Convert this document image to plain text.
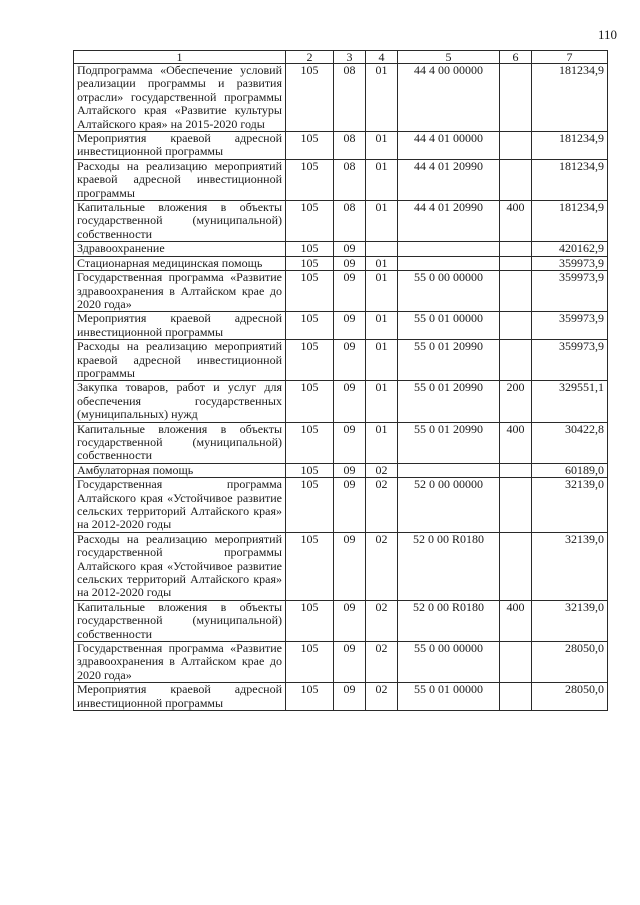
110
1	2	3	4	5	6	7
Подпрограмма «Обеспечение условий реализации программы и развития отрасли» государственной программы Алтайского края «Развитие культуры Алтайского края» на 2015-2020 годы	105	08	01	44 4 00 00000		181234,9
Мероприятия краевой адресной инвестиционной программы	105	08	01	44 4 01 00000		181234,9
Расходы на реализацию мероприятий краевой адресной инвестиционной программы	105	08	01	44 4 01 20990		181234,9
Капитальные вложения в объекты государственной (муниципальной) собственности	105	08	01	44 4 01 20990	400	181234,9
Здравоохранение	105	09				420162,9
Стационарная медицинская помощь	105	09	01			359973,9
Государственная программа «Развитие здравоохранения в Алтайском крае до 2020 года»	105	09	01	55 0 00 00000		359973,9
Мероприятия краевой адресной инвестиционной программы	105	09	01	55 0 01 00000		359973,9
Расходы на реализацию мероприятий краевой адресной инвестиционной программы	105	09	01	55 0 01 20990		359973,9
Закупка товаров, работ и услуг для обеспечения государственных (муниципальных) нужд	105	09	01	55 0 01 20990	200	329551,1
Капитальные вложения в объекты государственной (муниципальной) собственности	105	09	01	55 0 01 20990	400	30422,8
Амбулаторная помощь	105	09	02			60189,0
Государственная программа Алтайского края «Устойчивое развитие сельских территорий Алтайского края» на 2012-2020 годы	105	09	02	52 0 00 00000		32139,0
Расходы на реализацию мероприятий государственной программы Алтайского края «Устойчивое развитие сельских территорий Алтайского края» на 2012-2020 годы	105	09	02	52 0 00 R0180		32139,0
Капитальные вложения в объекты государственной (муниципальной) собственности	105	09	02	52 0 00 R0180	400	32139,0
Государственная программа «Развитие здравоохранения в Алтайском крае до 2020 года»	105	09	02	55 0 00 00000		28050,0
Мероприятия краевой адресной инвестиционной программы	105	09	02	55 0 01 00000		28050,0
